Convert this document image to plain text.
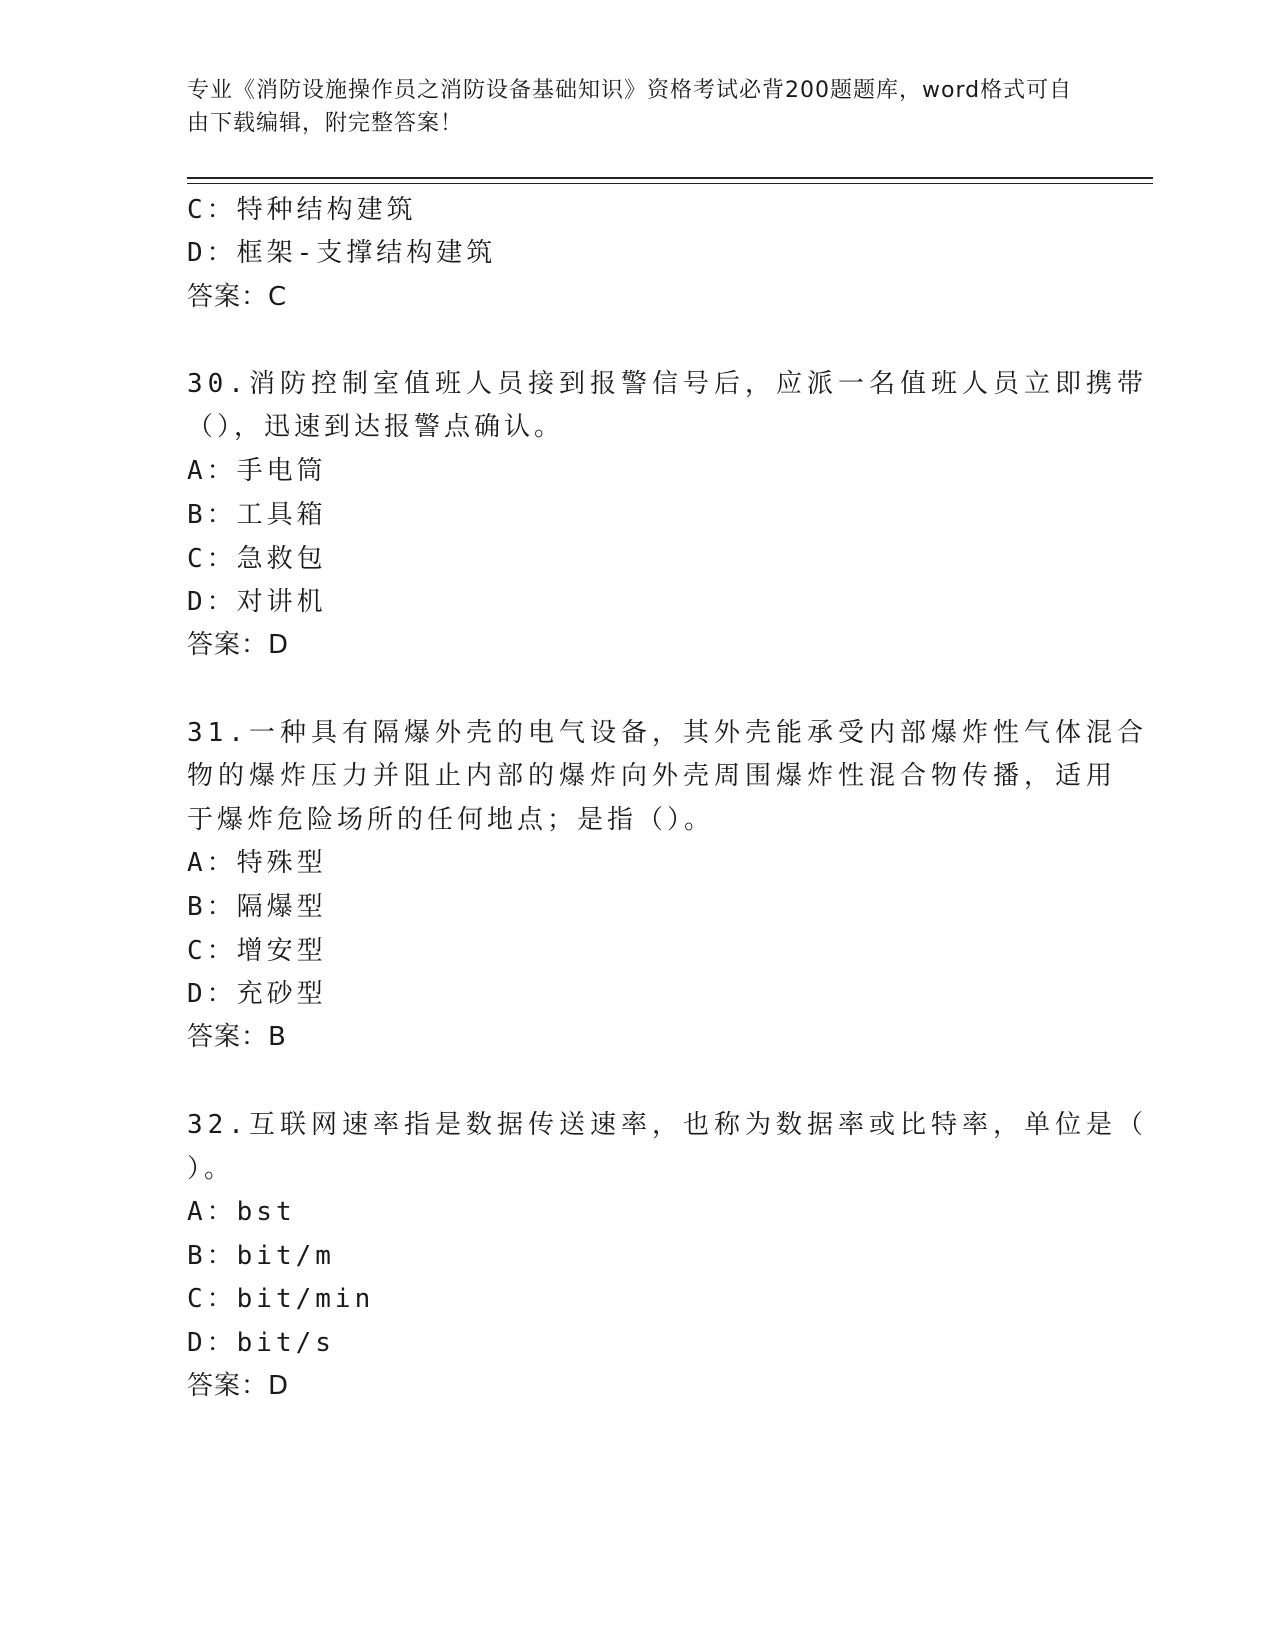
专业《消防设施操作员之消防设备基础知识》资格考试必背200题题库，word格式可自由下载编辑，附完整答案！
C：特种结构建筑
D：框架-支撑结构建筑
答案：C
30.消防控制室值班人员接到报警信号后，应派一名值班人员立即携带
（），迅速到达报警点确认。
A：手电筒
B：工具箱
C：急救包
D：对讲机
答案：D
31.一种具有隔爆外壳的电气设备，其外壳能承受内部爆炸性气体混合
物的爆炸压力并阻止内部的爆炸向外壳周围爆炸性混合物传播，适用
于爆炸危险场所的任何地点；是指（）。
A：特殊型
B：隔爆型
C：增安型
D：充砂型
答案：B
32.互联网速率指是数据传送速率，也称为数据率或比特率，单位是（
）。
A：bst
B：bit/m
C：bit/min
D：bit/s
答案：D
